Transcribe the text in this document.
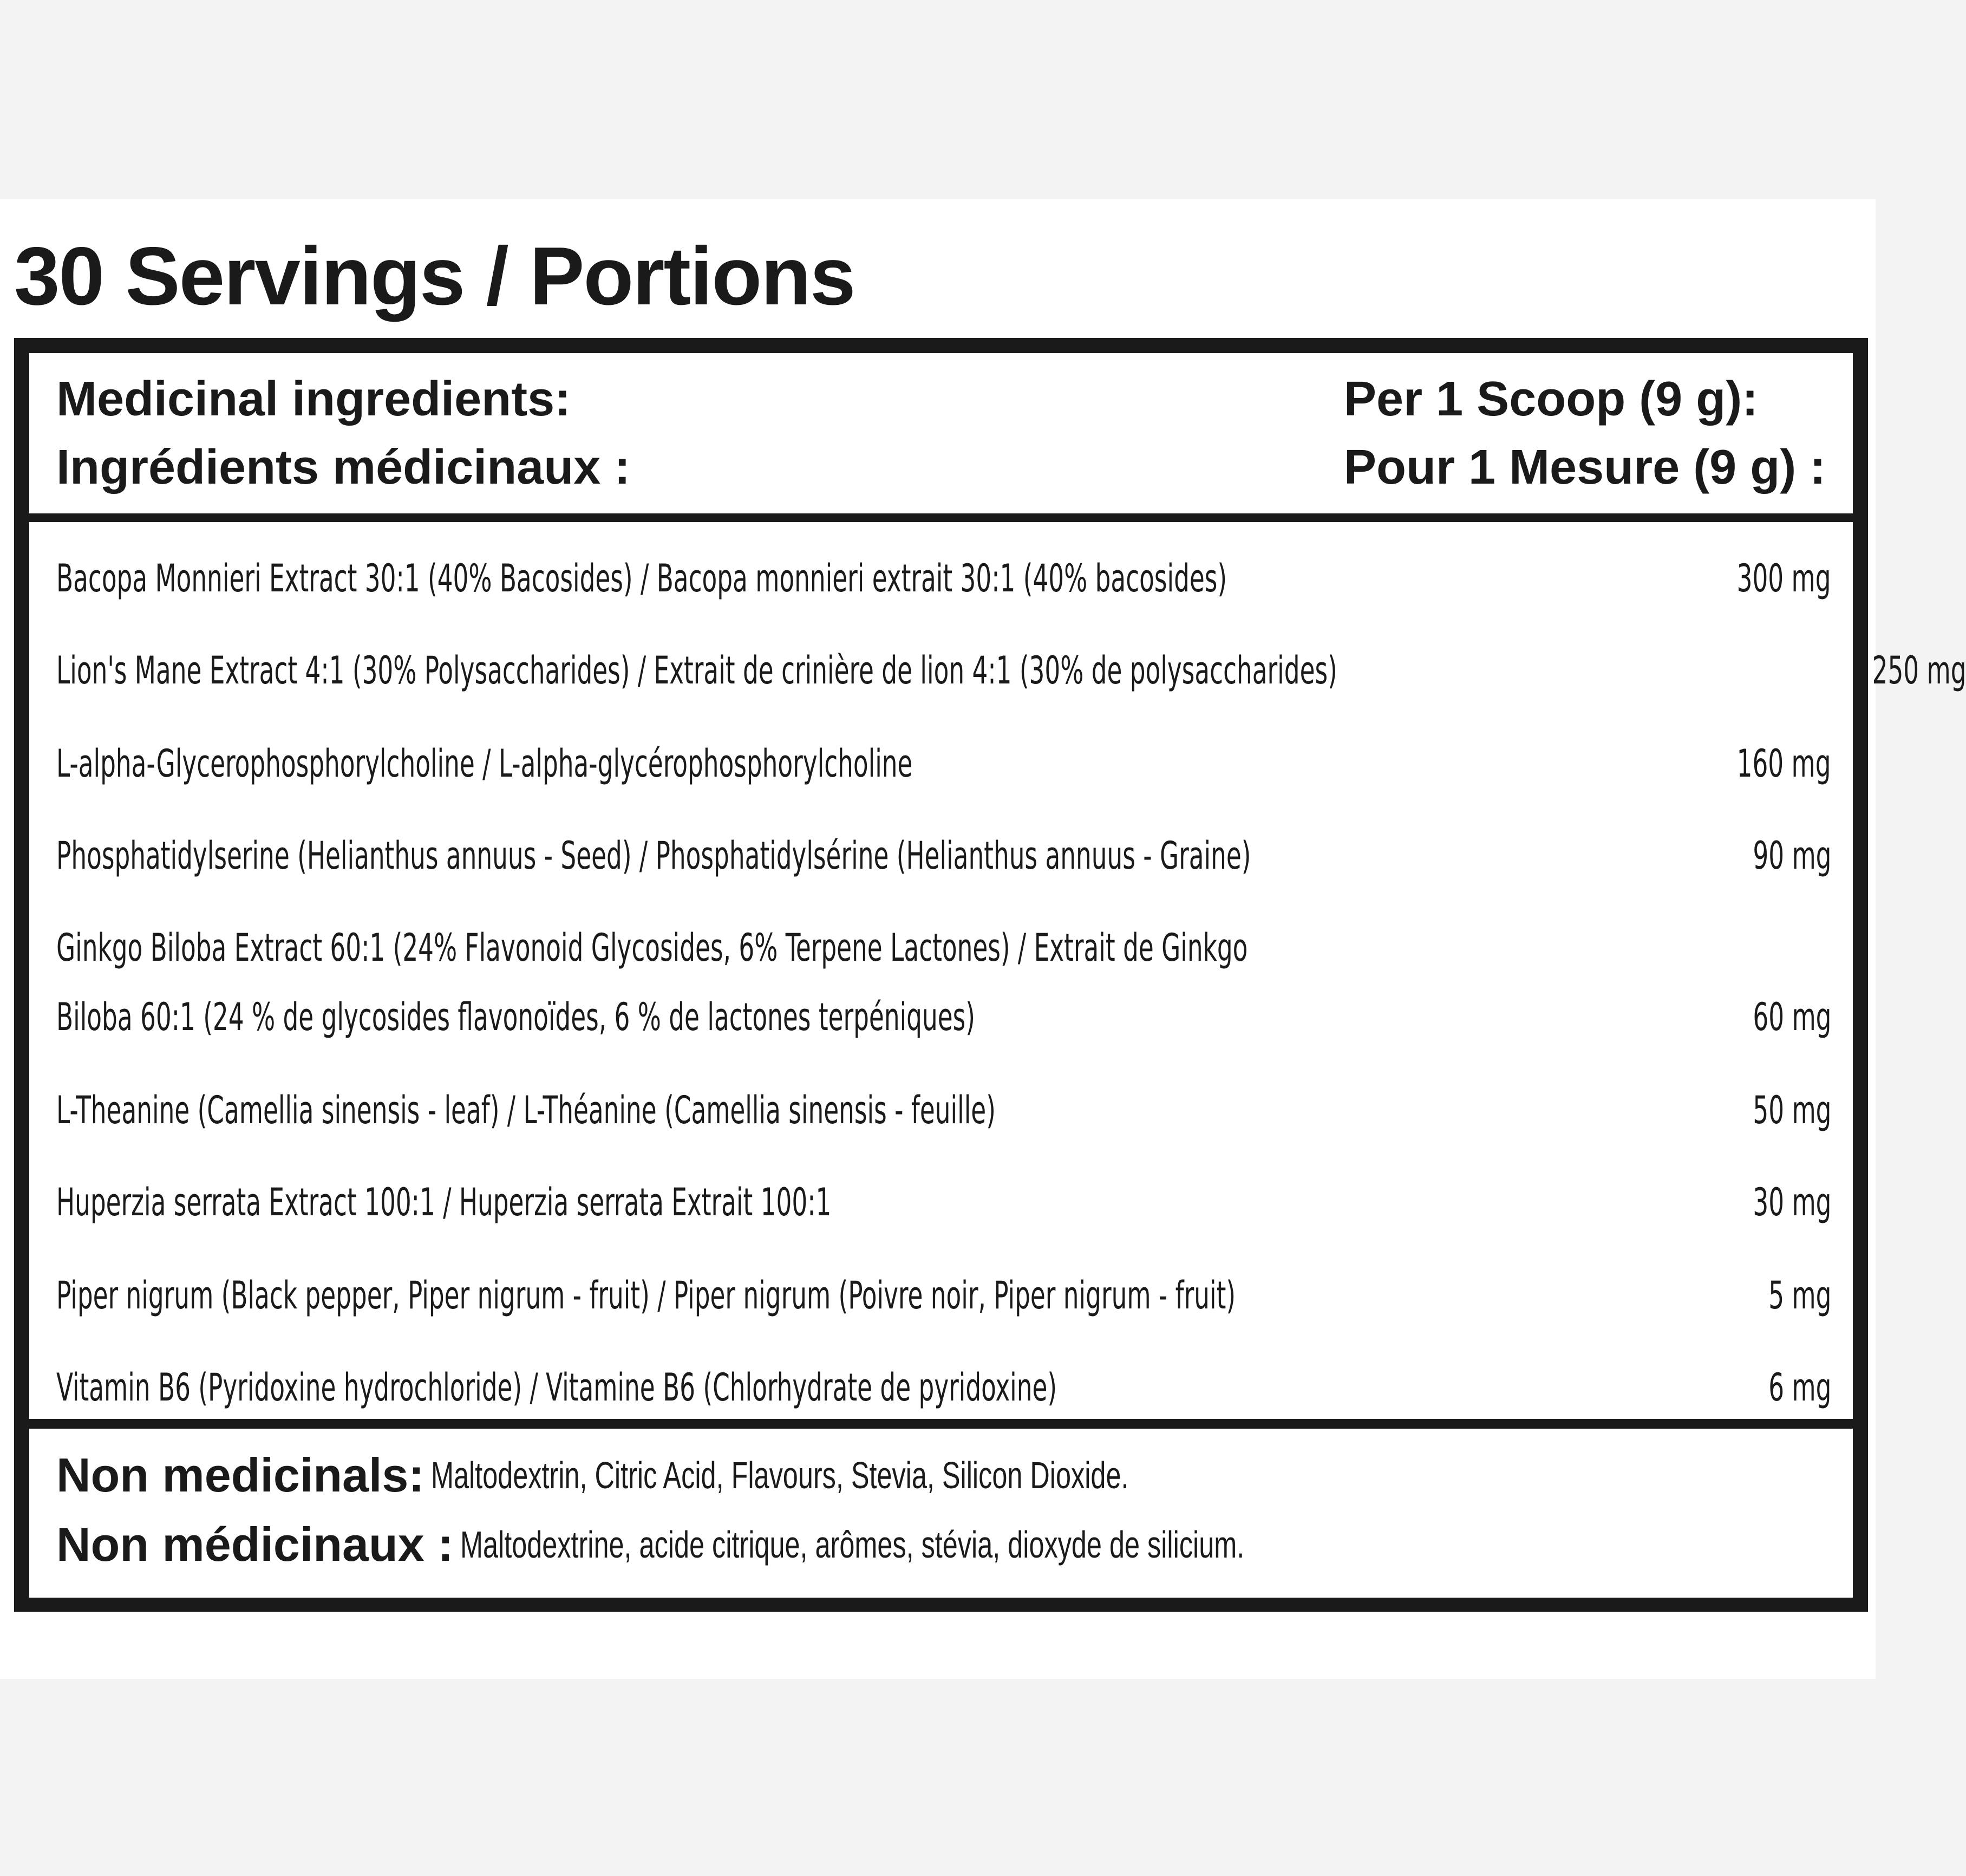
30 Servings / Portions
Medicinal ingredients:	Per 1 Scoop (9 g):
Ingrédients médicinaux :	Pour 1 Mesure (9 g) :
Bacopa Monnieri Extract 30:1 (40% Bacosides) / Bacopa monnieri extrait 30:1 (40% bacosides)	300 mg
Lion's Mane Extract 4:1 (30% Polysaccharides) / Extrait de crinière de lion 4:1 (30% de polysaccharides)	250 mg
L-alpha-Glycerophosphorylcholine / L-alpha-glycérophosphorylcholine	160 mg
Phosphatidylserine (Helianthus annuus - Seed) / Phosphatidylsérine (Helianthus annuus - Graine)	90 mg
Ginkgo Biloba Extract 60:1 (24% Flavonoid Glycosides, 6% Terpene Lactones) / Extrait de Ginkgo Biloba 60:1 (24 % de glycosides flavonoïdes, 6 % de lactones terpéniques)	60 mg
L-Theanine (Camellia sinensis - leaf) / L-Théanine (Camellia sinensis - feuille)	50 mg
Huperzia serrata Extract 100:1 / Huperzia serrata Extrait 100:1	30 mg
Piper nigrum (Black pepper, Piper nigrum - fruit) / Piper nigrum (Poivre noir, Piper nigrum - fruit)	5 mg
Vitamin B6 (Pyridoxine hydrochloride) / Vitamine B6 (Chlorhydrate de pyridoxine)	6 mg
Non medicinals: Maltodextrin, Citric Acid, Flavours, Stevia, Silicon Dioxide.
Non médicinaux : Maltodextrine, acide citrique, arômes, stévia, dioxyde de silicium.
